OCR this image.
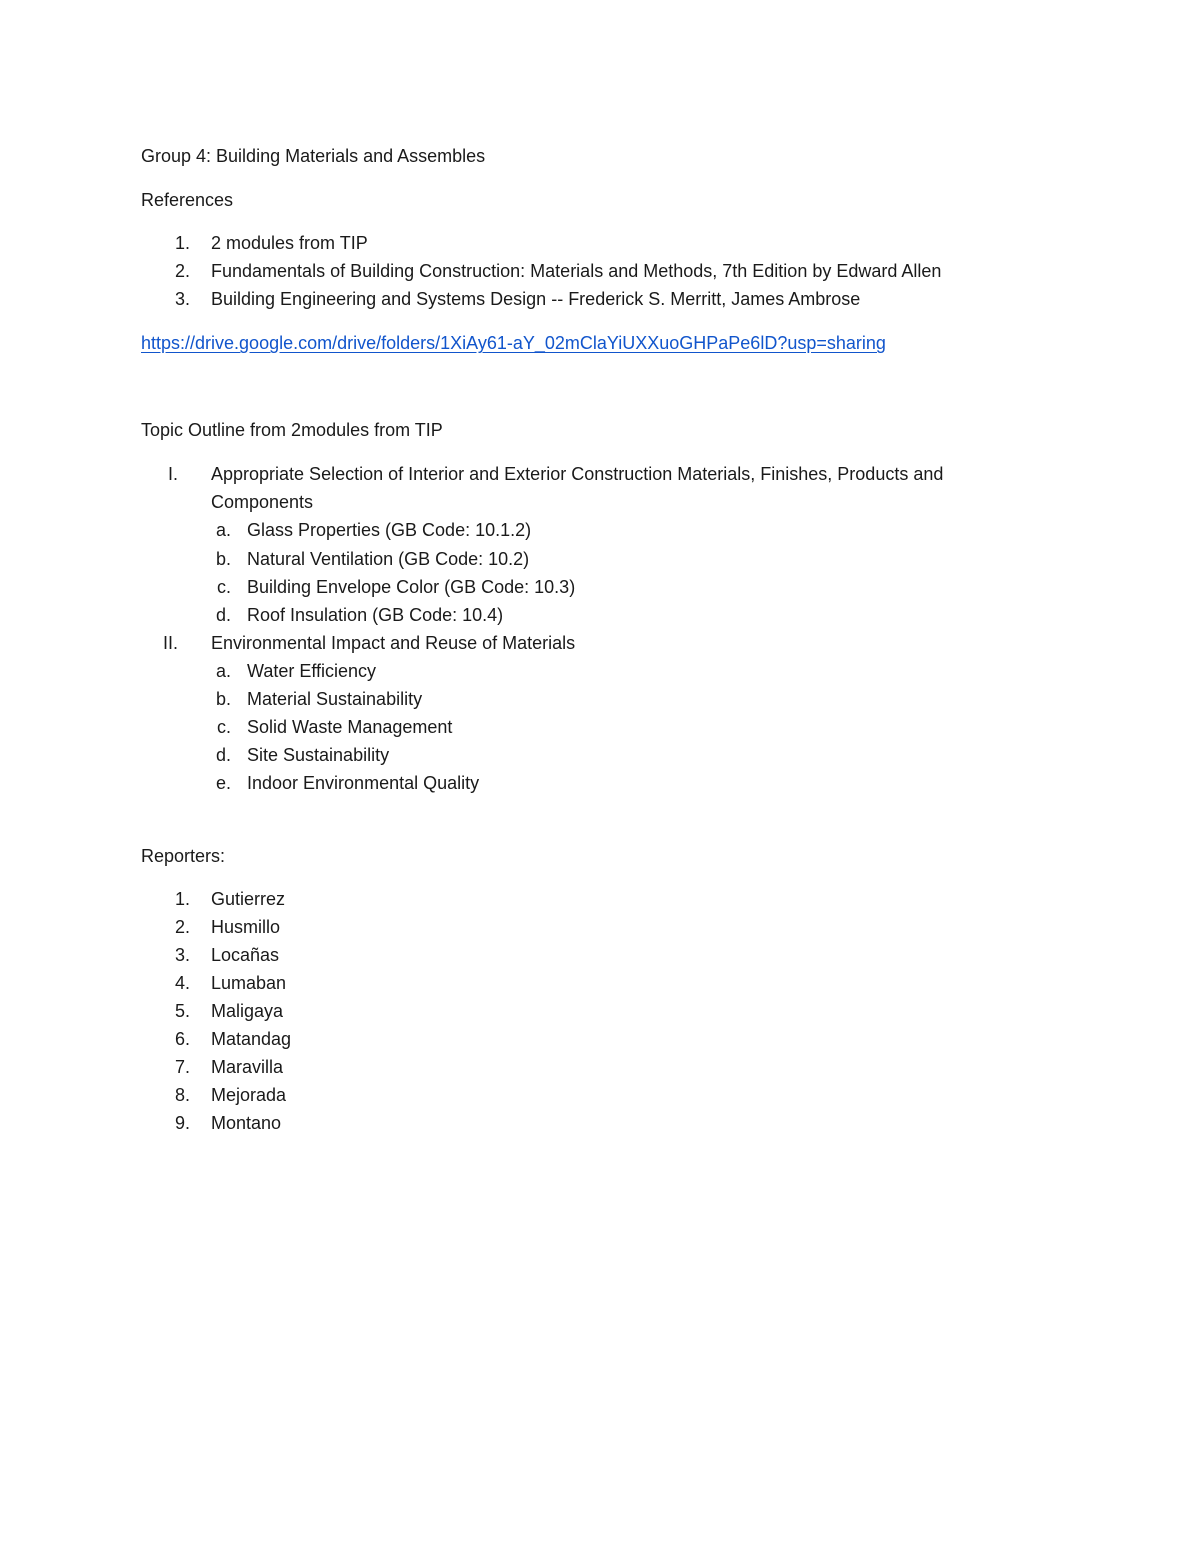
Group 4: Building Materials and Assembles
References
1. 2 modules from TIP
2. Fundamentals of Building Construction: Materials and Methods, 7th Edition by Edward Allen
3. Building Engineering and Systems Design -- Frederick S. Merritt, James Ambrose
https://drive.google.com/drive/folders/1XiAy61-aY_02mClaYiUXXuoGHPaPe6lD?usp=sharing
Topic Outline from 2modules from TIP
I. Appropriate Selection of Interior and Exterior Construction Materials, Finishes, Products and
Components
a. Glass Properties (GB Code: 10.1.2)
b. Natural Ventilation (GB Code: 10.2)
c. Building Envelope Color (GB Code: 10.3)
d. Roof Insulation (GB Code: 10.4)
II. Environmental Impact and Reuse of Materials
a. Water Efficiency
b. Material Sustainability
c. Solid Waste Management
d. Site Sustainability
e. Indoor Environmental Quality
Reporters:
1. Gutierrez
2. Husmillo
3. Locañas
4. Lumaban
5. Maligaya
6. Matandag
7. Maravilla
8. Mejorada
9. Montano
